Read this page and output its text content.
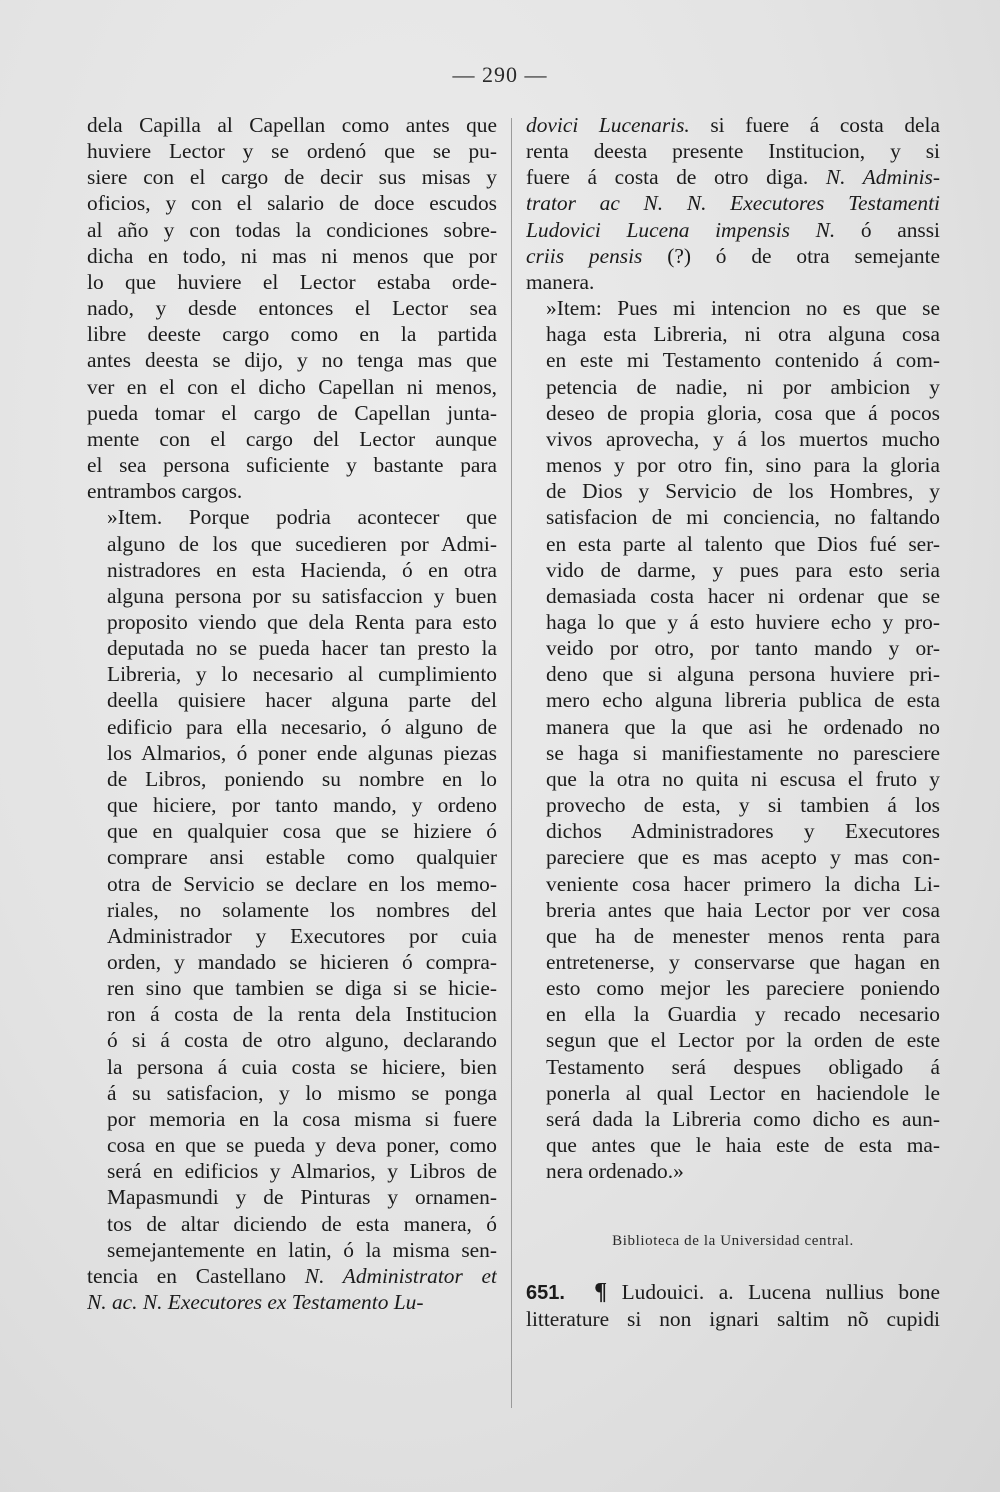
— 290 —

dela Capilla al Capellan como antes que
huviere Lector y se ordenó que se pu-
siere con el cargo de decir sus misas y
oficios, y con el salario de doce escudos
al año y con todas la condiciones sobre-
dicha en todo, ni mas ni menos que por
lo que huviere el Lector estaba orde-
nado, y desde entonces el Lector sea
libre deeste cargo como en la partida
antes deesta se dijo, y no tenga mas que
ver en el con el dicho Capellan ni menos,
pueda tomar el cargo de Capellan junta-
mente con el cargo del Lector aunque
el sea persona suficiente y bastante para
entrambos cargos.

»Item. Porque podria acontecer que
alguno de los que sucedieren por Admi-
nistradores en esta Hacienda, ó en otra
alguna persona por su satisfaccion y buen
proposito viendo que dela Renta para esto
deputada no se pueda hacer tan presto la
Libreria, y lo necesario al cumplimiento
deella quisiere hacer alguna parte del
edificio para ella necesario, ó alguno de
los Almarios, ó poner ende algunas piezas
de Libros, poniendo su nombre en lo
que hiciere, por tanto mando, y ordeno
que en qualquier cosa que se hiziere ó
comprare ansi estable como qualquier
otra de Servicio se declare en los memo-
riales, no solamente los nombres del
Administrador y Executores por cuia
orden, y mandado se hicieren ó compra-
ren sino que tambien se diga si se hicie-
ron á costa de la renta dela Institucion
ó si á costa de otro alguno, declarando
la persona á cuia costa se hiciere, bien
á su satisfacion, y lo mismo se ponga
por memoria en la cosa misma si fuere
cosa en que se pueda y deva poner, como
será en edificios y Almarios, y Libros de
Mapasmundi y de Pinturas y ornamen-
tos de altar diciendo de esta manera, ó
semejantemente en latin, ó la misma sen-

tencia en Castellano N. Administrator et
N. ac. N. Executores ex Testamento Lu-
dovici Lucenaris. si fuere á costa dela
renta deesta presente Institucion, y si
fuere á costa de otro diga. N. Adminis-
trator ac N. N. Executores Testamenti
Ludovici Lucena impensis N. ó anssi
criis pensis (?) ó de otra semejante
manera.

»Item: Pues mi intencion no es que se
haga esta Libreria, ni otra alguna cosa
en este mi Testamento contenido á com-
petencia de nadie, ni por ambicion y
deseo de propia gloria, cosa que á pocos
vivos aprovecha, y á los muertos mucho
menos y por otro fin, sino para la gloria
de Dios y Servicio de los Hombres, y
satisfacion de mi conciencia, no faltando
en esta parte al talento que Dios fué ser-
vido de darme, y pues para esto seria
demasiada costa hacer ni ordenar que se
haga lo que y á esto huviere echo y pro-
veido por otro, por tanto mando y or-
deno que si alguna persona huviere pri-
mero echo alguna libreria publica de esta
manera que la que asi he ordenado no
se haga si manifiestamente no paresciere
que la otra no quita ni escusa el fruto y
provecho de esta, y si tambien á los
dichos Administradores y Executores
pareciere que es mas acepto y mas con-
veniente cosa hacer primero la dicha Li-
breria antes que haia Lector por ver cosa
que ha de menester menos renta para
entretenerse, y conservarse que hagan en
esto como mejor les pareciere poniendo
en ella la Guardia y recado necesario
segun que el Lector por la orden de este
Testamento será despues obligado á
ponerla al qual Lector en haciendole le
será dada la Libreria como dicho es aun-
que antes que le haia este de esta ma-
nera ordenado.»

Biblioteca de la Universidad central.
651. ¶ Ludouici. a. Lucena nullius bone
litterature si non ignari saltim nõ cupidi
